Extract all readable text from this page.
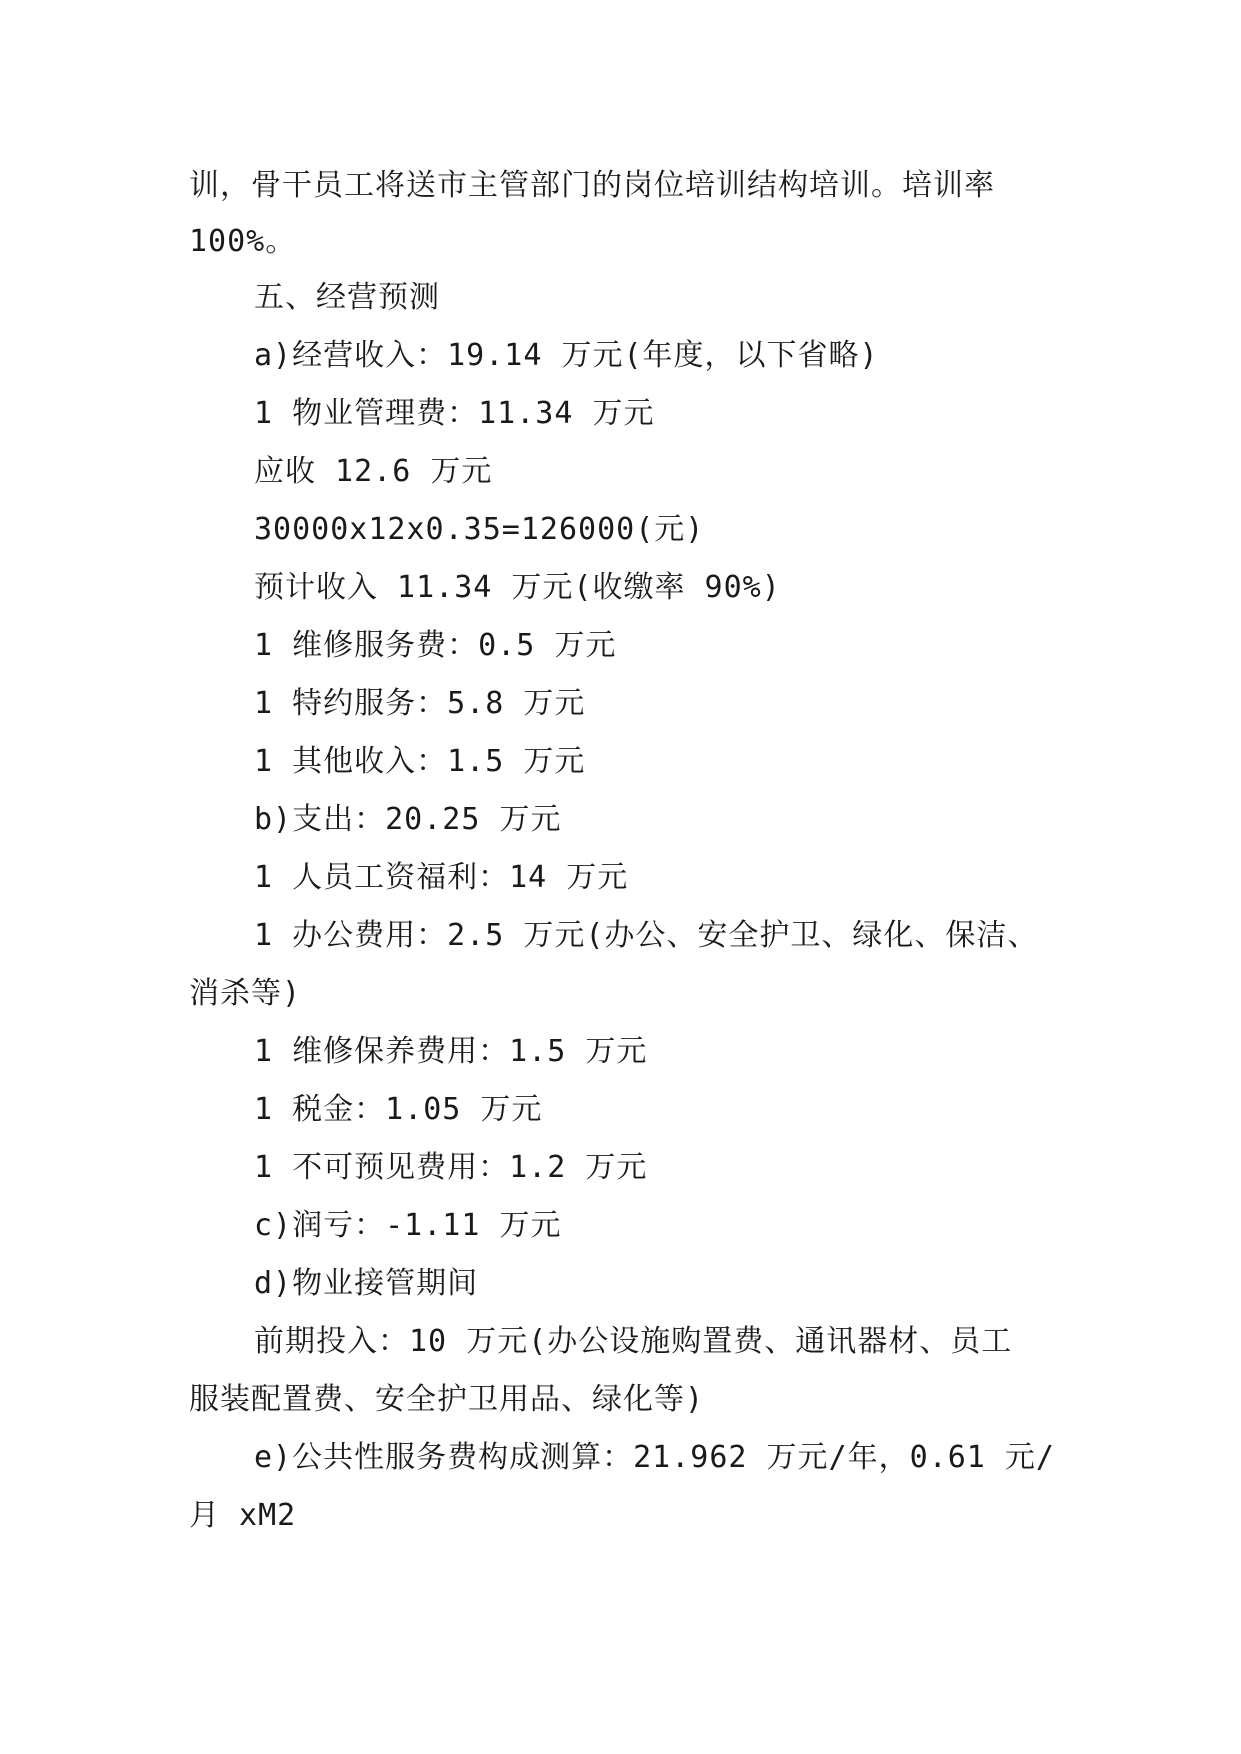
训，骨干员工将送市主管部门的岗位培训结构培训。培训率
100%。
五、经营预测
a)经营收入：19.14 万元(年度，以下省略)
1 物业管理费：11.34 万元
应收 12.6 万元
30000x12x0.35=126000(元)
预计收入 11.34 万元(收缴率 90%)
1 维修服务费：0.5 万元
1 特约服务：5.8 万元
1 其他收入：1.5 万元
b)支出：20.25 万元
1 人员工资福利：14 万元
1 办公费用：2.5 万元(办公、安全护卫、绿化、保洁、
消杀等)
1 维修保养费用：1.5 万元
1 税金：1.05 万元
1 不可预见费用：1.2 万元
c)润亏：-1.11 万元
d)物业接管期间
前期投入：10 万元(办公设施购置费、通讯器材、员工
服装配置费、安全护卫用品、绿化等)
e)公共性服务费构成测算：21.962 万元/年，0.61 元/
月 xM2
